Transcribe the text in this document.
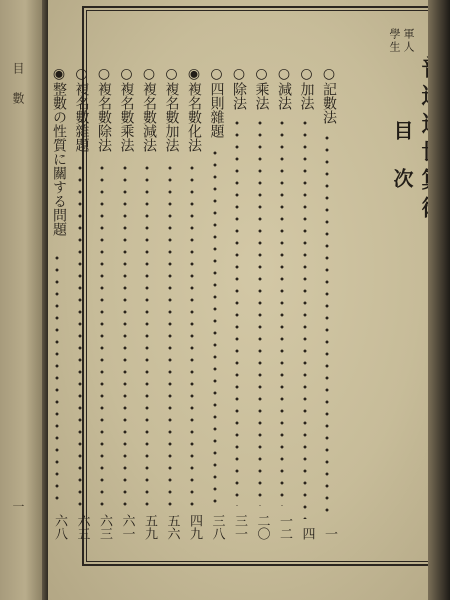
目
數
一
軍人
學生
目次
○記數法
一
○加法
四
○減法
一二
○乘法
二〇
○除法
三一
○四則雜題
三八
◉複名數化法
四九
○複名數加法
五六
○複名數減法
五九
○複名數乘法
六一
○複名數除法
六三
○複名數雜題
六五
◉整數の性質に關する問題
六八
